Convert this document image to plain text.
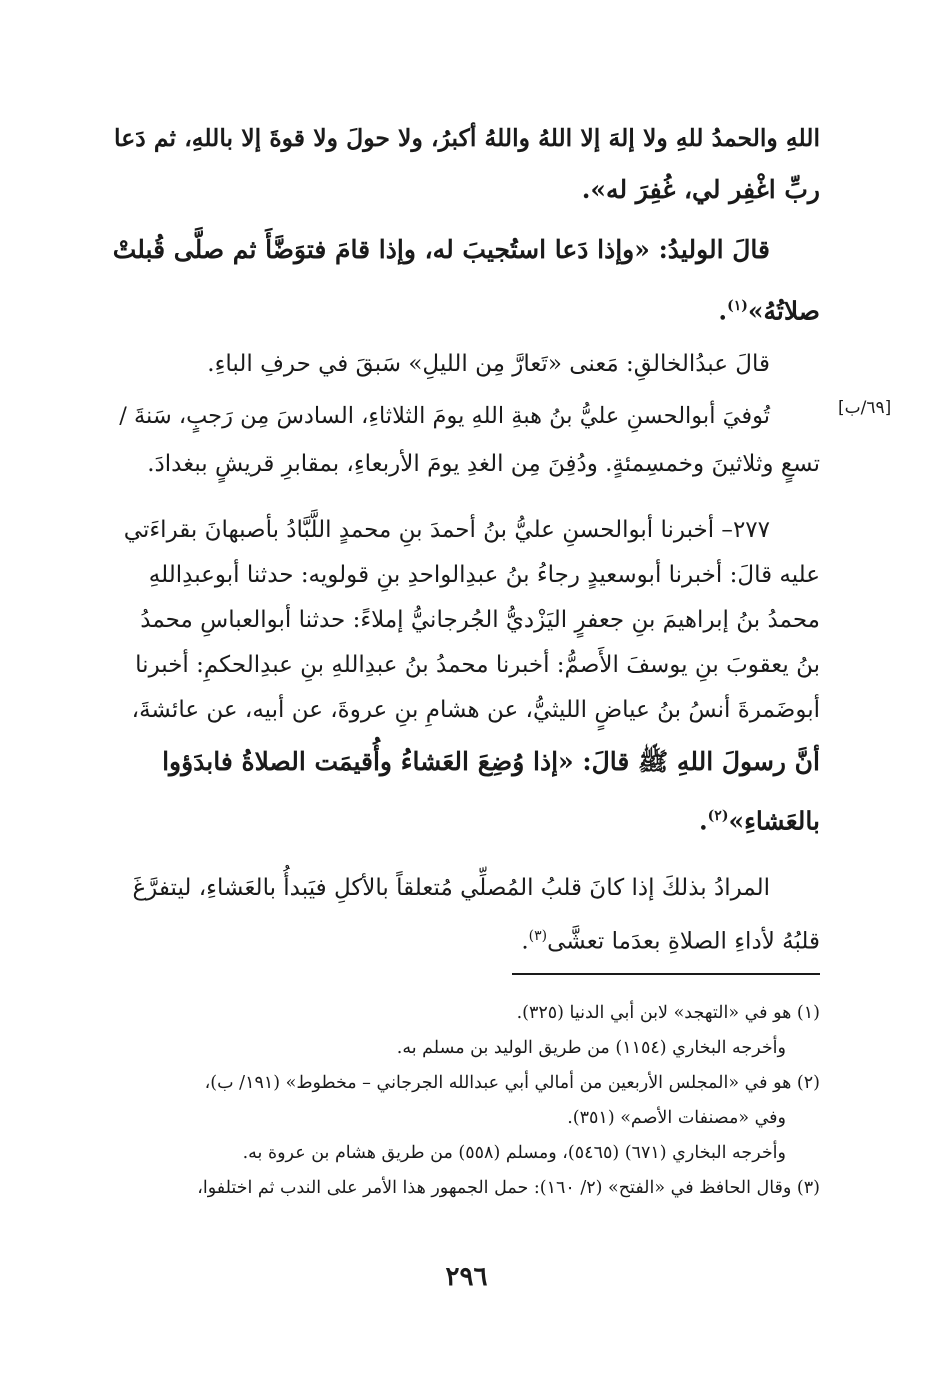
اللهِ والحمدُ للهِ ولا إلهَ إلا اللهُ واللهُ أكبرُ، ولا حولَ ولا قوةَ إلا باللهِ، ثم دَعا
ربِّ اغْفِر لي، غُفِرَ له».
قالَ الوليدُ: «وإذا دَعا استُجيبَ له، وإذا قامَ فتوَضَّأَ ثم صلَّى قُبلتْ
صلاتُهُ»$^{(١)}$.
قالَ عبدُالخالقِ: مَعنى «تَعارَّ مِن الليلِ» سَبقَ في حرفِ الباءِ.
تُوفيَ أبوالحسنِ عليُّ بنُ هبةِ اللهِ يومَ الثلاثاءِ، السادسَ مِن رَجبٍ، سَنةَ /
تسعٍ وثلاثينَ وخمسِمئةٍ. ودُفِنَ مِن الغدِ يومَ الأربعاءِ، بمقابرِ قريشٍ ببغدادَ.
[٦٩/ب]
٢٧٧– أخبرنا أبوالحسنِ عليُّ بنُ أحمدَ بنِ محمدٍ اللَّبَّادُ بأصبهانَ بقراءَتي
عليه قالَ: أخبرنا أبوسعيدٍ رجاءُ بنُ عبدِالواحدِ بنِ قولويه: حدثنا أبوعبدِاللهِ
محمدُ بنُ إبراهيمَ بنِ جعفرٍ اليَزْديُّ الجُرجانيُّ إملاءً: حدثنا أبوالعباسِ محمدُ
بنُ يعقوبَ بنِ يوسفَ الأَصمُّ: أخبرنا محمدُ بنُ عبدِاللهِ بنِ عبدِالحكمِ: أخبرنا
أبوضَمرةَ أنسُ بنُ عياضٍ الليثيُّ، عن هشامِ بنِ عروةَ، عن أبيه، عن عائشةَ،
أنَّ رسولَ اللهِ ﷺ قالَ: «إذا وُضِعَ العَشاءُ وأُقيمَت الصلاةُ فابدَؤوا
بالعَشاءِ»$^{(٢)}$.
المرادُ بذلكَ إذا كانَ قلبُ المُصلِّي مُتعلقاً بالأكلِ فيَبدأُ بالعَشاءِ، ليتفرَّغَ
قلبُهُ لأداءِ الصلاةِ بعدَما تعشَّى$^{(٣)}$.
(١) هو في «التهجد» لابن أبي الدنيا (٣٢٥).
وأخرجه البخاري (١١٥٤) من طريق الوليد بن مسلم به.
(٢) هو في «المجلس الأربعين من أمالي أبي عبدالله الجرجاني – مخطوط» (١٩١/ ب)،
وفي «مصنفات الأصم» (٣٥١).
وأخرجه البخاري (٦٧١) (٥٤٦٥)، ومسلم (٥٥٨) من طريق هشام بن عروة به.
(٣) وقال الحافظ في «الفتح» (٢/ ١٦٠): حمل الجمهور هذا الأمر على الندب ثم اختلفوا،
٢٩٦
